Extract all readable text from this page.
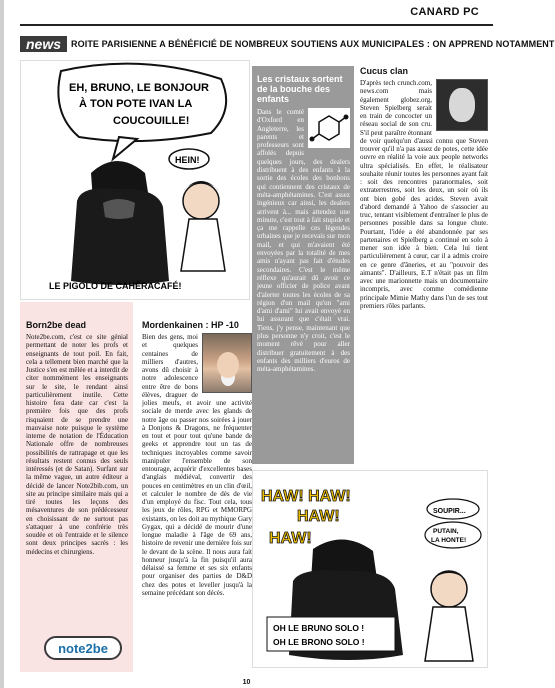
CANARD PC
news	ROITE PARISIENNE A BÉNÉFICIÉ DE NOMBREUX SOUTIENS AUX MUNICIPALES : ON APPREND NOTAMMENT
EH, BRUNO, LE BONJOUR
À TON POTE IVAN LA
COUCOUILLE!
HEIN!
LE PIGOLO DE CAHÉRACAFÉ!
Les cristaux sortent de la bouche des enfants

Dans le comté d'Oxford en Angleterre, les parents et professeurs sont affolés depuis quelques jours, des dealers distribuent à des enfants à la sortie des écoles des bonbons qui contiennent des cristaux de méta-amphétamines. C'est assez ingénieux car ainsi, les dealers arrivent à... mais attendez une minute, c'est tout à fait stupide et ça me rappelle ces légendes urbaines que je recevais sur mon mail, et qui m'avaient été envoyées par la totalité de mes amis n'ayant pas fait d'études secondaires. C'est le même réflexe qu'aurait dû avoir ce jeune officier de police avant d'alerter toutes les écoles de sa région d'un mail qu'un "ami d'ami d'ami" lui avait envoyé en lui assurant que c'était vrai. Tiens, j'y pense, maintenant que plus personne n'y croit, c'est le moment rêvé pour aller distribuer gratuitement à des enfants des milliers d'euros de méta-amphétamines.

Cucus clan

D'après tech crunch.com, news.com mais également globez.org, Steven Spielberg serait en train de concocter un réseau social de son cru. S'il peut paraître étonnant de voir quelqu'un d'aussi connu que Steven trouver qu'il n'a pas assez de potes, cette idée ouvre en réalité la voie aux people networks ultra spécialisés. En effet, le réalisateur souhaite réunir toutes les personnes ayant fait : soit des rencontres paranormales, soit extraterrestres, soit les deux, un soir où ils ont bien gobé des acides. Steven avait d'abord demandé à Yahoo de s'associer au truc, tentant visiblement d'entraîner le plus de personnes possible dans sa longue chute. Pourtant, l'idée a été abandonnée par ses partenaires et Spielberg a continué en solo à mener son idée à bien. Cela lui tient particulièrement à cœur, car il a admis croire en ce genre d'âneries, et au "pouvoir des aimants". D'ailleurs, E.T n'était pas un film avec une marionnette mais un documentaire incompris, avec comme comédienne principale Mimie Mathy dans l'un de ses tout premiers rôles parlants.

Born2be dead

Note2be.com, c'est ce site génial permettant de noter les profs et enseignants de tout poil. En fait, cela a tellement bien marché que la Justice s'en est mêlée et a interdit de citer nommément les enseignants sur le site, le rendant ainsi particulièrement inutile. Cette histoire fera date car c'est la première fois que des profs risquaient de se prendre une mauvaise note puisque le système interne de notation de l'Éducation Nationale offre de nombreuses possibilités de rattrapage et que les résultats restent connus des seuls intéressés (et de Satan). Surfant sur la même vague, un autre éditeur a décidé de lancer Note2bib.com, un site au principe similaire mais qui a tiré toutes les leçons des mésaventures de son prédécesseur en choisissant de ne surtout pas s'attaquer à une confrérie très soudée et où l'entraide et le silence sont deux principes sacrés : les médecins et chirurgiens.

note2be
Mordenkainen : HP -10

Bien des gens, moi et quelques centaines de milliers d'autres, avons dû choisir à notre adolescence entre être de bons élèves, draguer de jolies meufs, et avoir une activité sociale de merde avec les glands de notre âge ou passer nos soirées à jouer à Donjons & Dragons, ne fréquenter en tout et pour tout qu'une bande de geeks et apprendre tout un tas de techniques incroyables comme savoir manipuler l'ensemble de son entourage, acquérir d'excellentes bases d'anglais médiéval, convertir des pouces en centimètres en un clin d'œil, et calculer le nombre de dés de vie d'un employé du fisc. Tout cela, tous les jeux de rôles, RPG et MMORPG existants, on les doit au mythique Gary Gygax, qui a décidé de mourir d'une longue maladie à l'âge de 69 ans, histoire de revenir une dernière fois sur le devant de la scène. Il nous aura fait honneur jusqu'à la fin puisqu'il aura délaissé sa femme et ses six enfants pour organiser des parties de D&D chez des potes et leveller jusqu'à la semaine précédant son décès.

HAW! HAW!
HAW!
HAW!
SOUPIR...
PUTAIN,
LA HONTE!
OH LE BRUNO SOLO !
OH LE BRONO SOLO !
10
